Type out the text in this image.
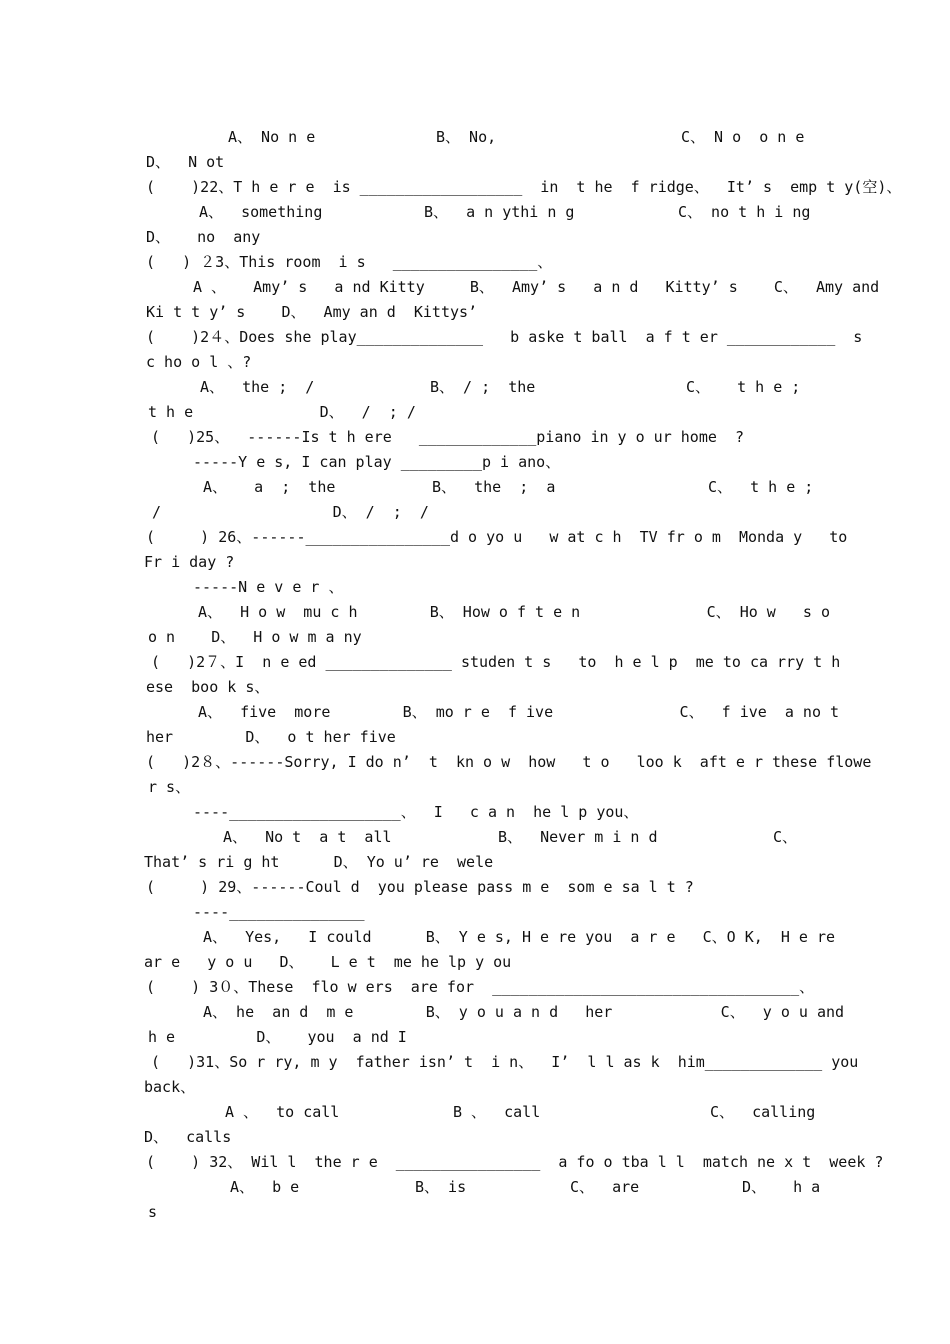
A、 No n e	B、 No,	C、 N o  o n e
D、  N ot
(    )22、T h e r e  is __________________  in  t he  f ridge、  It’ s  emp t y(空)、
A、  something	B、  a n ythi n g	C、 no t h i ng
D、   no  any
(   ) ２3、This room  i s   ________________、
A 、   Amy’ s   a nd Kitty     B、  Amy’ s   a n d   Kitty’ s    C、  Amy and
Ki t t y’ s    D、  Amy an d  Kittys’
(    )2４、Does she play______________   b aske t ball  a f t er ____________  s
c ho o l 、?
A、  the ;  /	B、 / ;  the	C、   t h e ;
t h e              D、  /  ; /
(   )25、  ------Is t h ere   _____________piano in y o ur home  ?
-----Y e s, I can play _________p i ano、
A、   a  ;  the	B、  the  ;  a	C、  t h e ;
/                   D、 /  ;  /
(     ) 26、------________________d o yo u   w at c h  TV fr o m  Monda y   to
Fr i day ?
-----N e v e r 、
A、  H o w  mu c h        B、 How o f t e n              C、 Ho w   s o
o n    D、  H o w m a ny
(   )2７、I  n e ed ______________ studen t s   to  h e l p  me to ca rry t h
ese  boo k s、
A、  five  more        B、 mo r e  f ive              C、  f ive  a no t
her        D、  o t her five
(   )2８、------Sorry, I do n’  t  kn o w  how   t o   loo k  aft e r these flowe
r s、
----___________________、  I   c a n  he l p you、
A、  No t  a t  all	B、  Never m i n d	C、
That’ s ri g ht      D、 Yo u’ re  wele
(     ) 29、------Coul d  you please pass m e  som e sa l t ?
----_______________
A、  Yes,   I could      B、 Y e s, H e re you  a r e   C、O K,  H e re
ar e   y o u   D、   L e t  me he lp y ou
(    ) 3０、These  flo w ers  are for  __________________________________、
A、 he  an d  m e        B、 y o u a n d   her            C、  y o u and
h e         D、   you  a nd I
(   )31、So r ry, m y  father isn’ t  i n、  I’  l l as k  him_____________ you
back、
A 、  to call	B 、  call	C、  calling
D、  calls
(    ) 32、 Wil l  the r e  ________________  a fo o tba l l  match ne x t  week ?
A、  b e	B、 is	C、  are	D、   h a
s
